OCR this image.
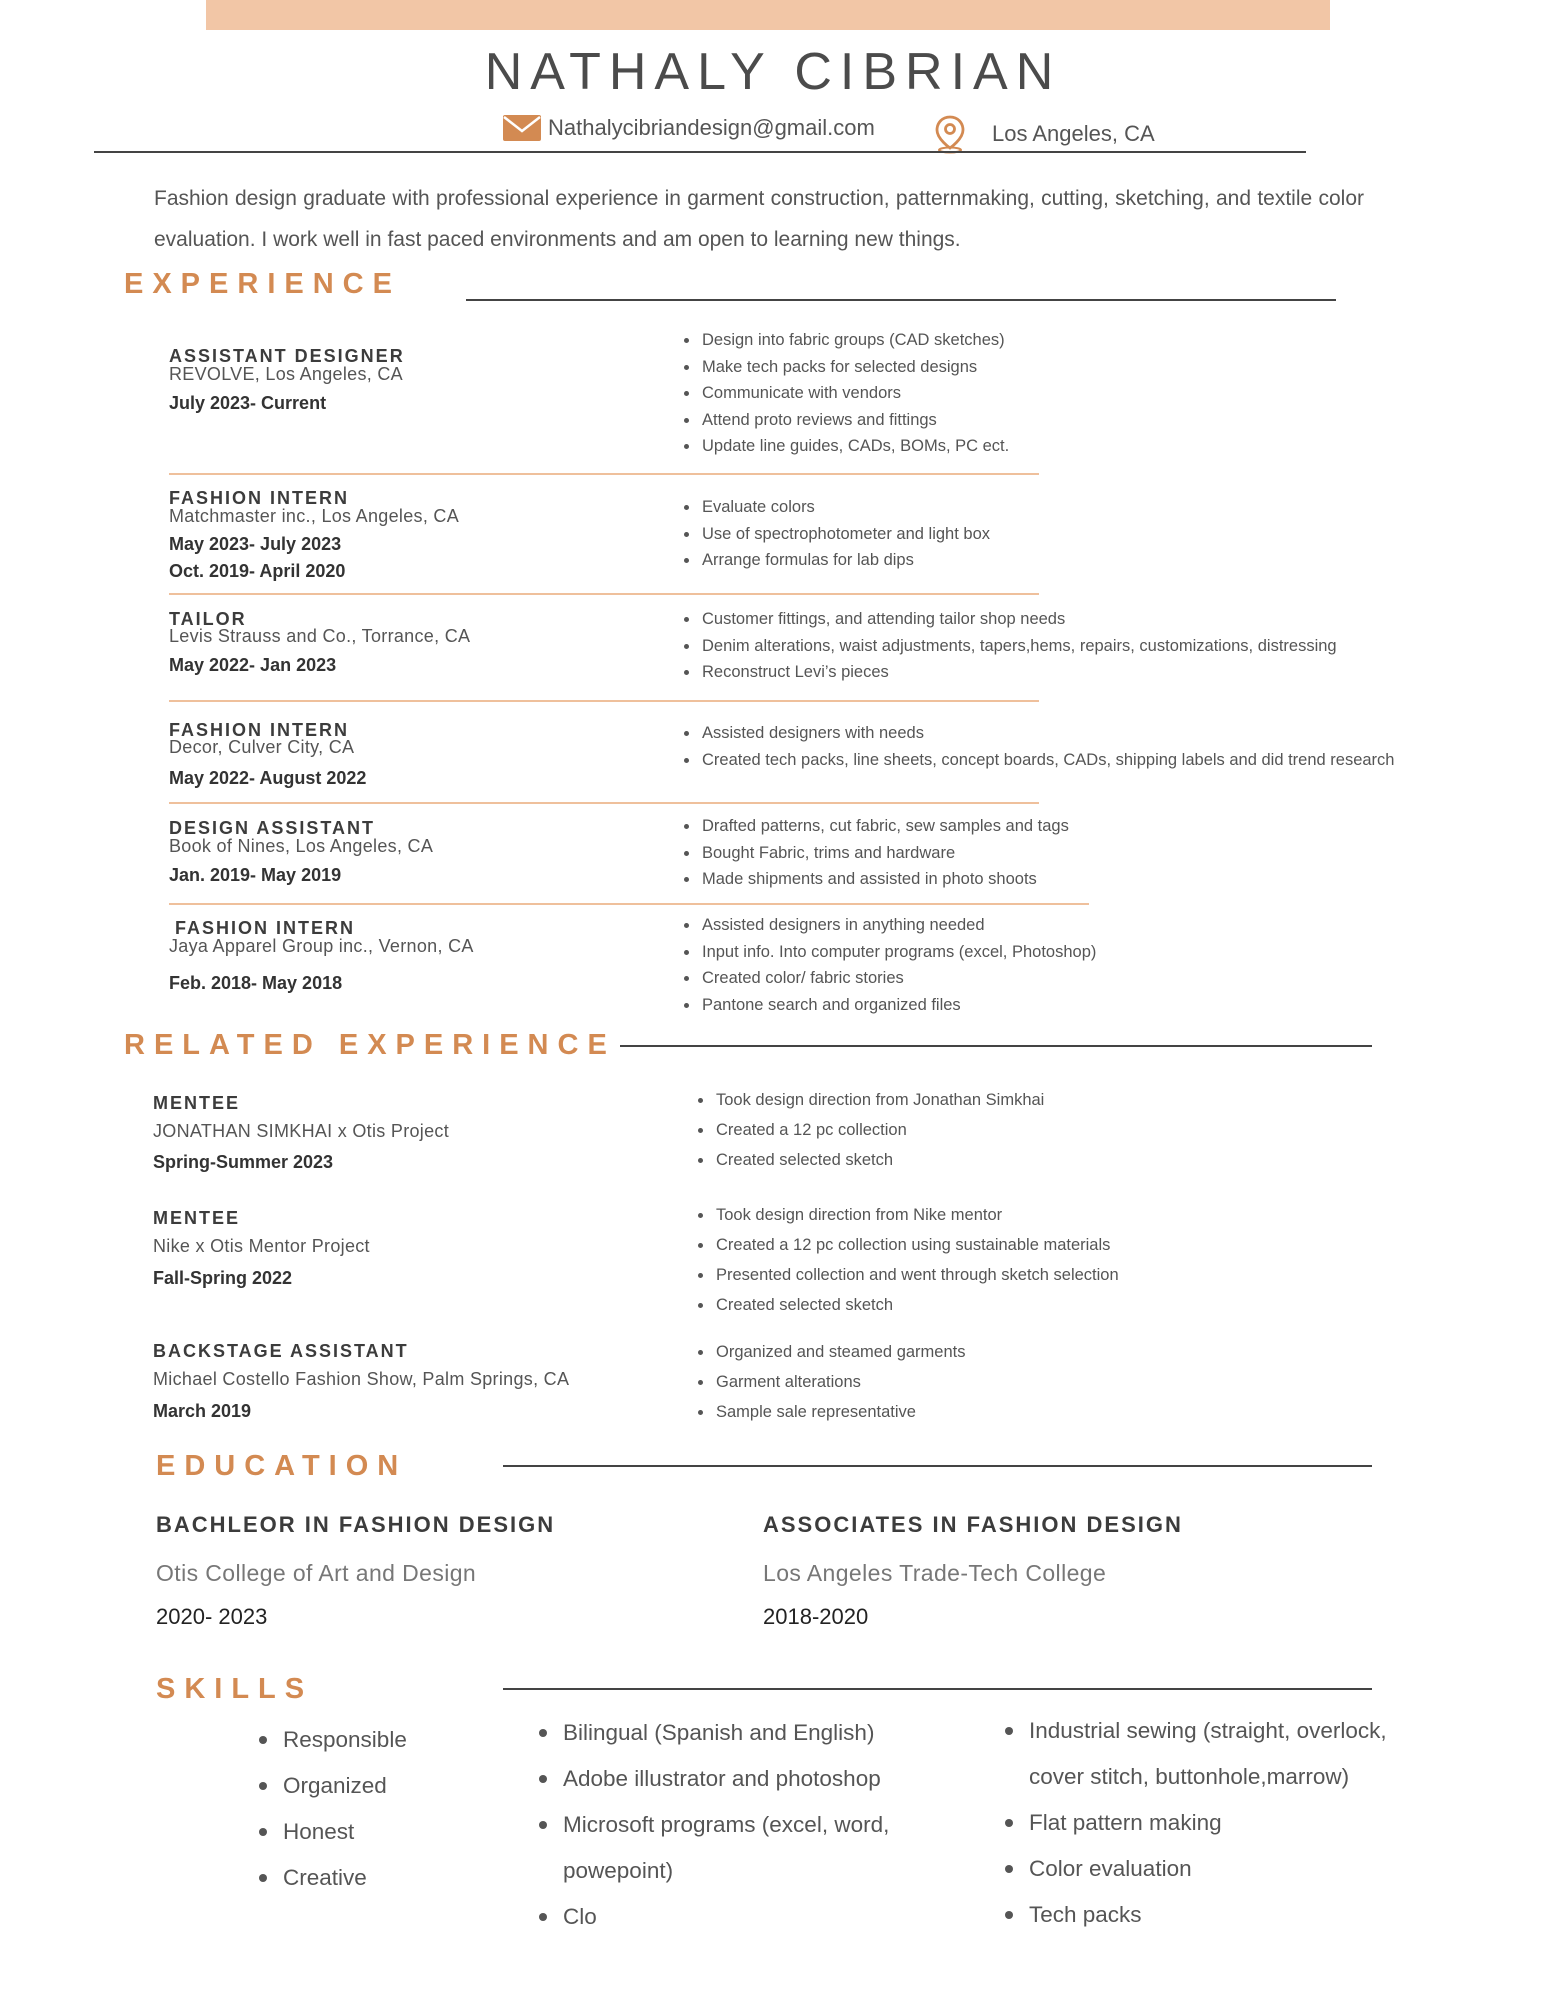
NATHALY CIBRIAN
Nathalycibriandesign@gmail.com	Los Angeles, CA
Fashion design graduate with professional experience in garment construction, patternmaking, cutting, sketching, and textile color evaluation. I work well in fast paced environments and am open to learning new things.
EXPERIENCE
ASSISTANT DESIGNER
REVOLVE, Los Angeles, CA
July 2023- Current
Design into fabric groups (CAD sketches)
Make tech packs for selected designs
Communicate with vendors
Attend proto reviews and fittings
Update line guides, CADs, BOMs, PC ect.
FASHION INTERN
Matchmaster inc., Los Angeles, CA
May 2023- July 2023
Oct. 2019- April 2020
Evaluate colors
Use of spectrophotometer and light box
Arrange formulas for lab dips
TAILOR
Levis Strauss and Co., Torrance, CA
May 2022- Jan 2023
Customer fittings, and attending tailor shop needs
Denim alterations, waist adjustments, tapers,hems, repairs, customizations, distressing
Reconstruct Levi’s pieces
FASHION INTERN
Decor, Culver City, CA
May 2022- August 2022
Assisted designers with needs
Created tech packs, line sheets, concept boards, CADs, shipping labels and did trend research
DESIGN ASSISTANT
Book of Nines, Los Angeles, CA
Jan. 2019- May 2019
Drafted patterns, cut fabric, sew samples and tags
Bought Fabric, trims and hardware
Made shipments and assisted in photo shoots
FASHION INTERN
Jaya Apparel Group inc., Vernon, CA
Feb. 2018- May 2018
Assisted designers in anything needed
Input info. Into computer programs (excel, Photoshop)
Created color/ fabric stories
Pantone search and organized files
RELATED EXPERIENCE
MENTEE
JONATHAN SIMKHAI x Otis Project
Spring-Summer 2023
Took design direction from Jonathan Simkhai
Created a 12 pc collection
Created selected sketch
MENTEE
Nike x Otis Mentor Project
Fall-Spring 2022
Took design direction from Nike mentor
Created a 12 pc collection using sustainable materials
Presented collection and went through sketch selection
Created selected sketch
BACKSTAGE ASSISTANT
Michael Costello Fashion Show, Palm Springs, CA
March 2019
Organized and steamed garments
Garment alterations
Sample sale representative
EDUCATION
BACHLEOR IN FASHION DESIGN
Otis College of Art and Design
2020- 2023
ASSOCIATES IN FASHION DESIGN
Los Angeles Trade-Tech College
2018-2020
SKILLS
Responsible
Organized
Honest
Creative
Bilingual (Spanish and English)
Adobe illustrator and photoshop
Microsoft programs (excel, word,
powepoint)
Clo
Industrial sewing (straight, overlock,
cover stitch, buttonhole,marrow)
Flat pattern making
Color evaluation
Tech packs
